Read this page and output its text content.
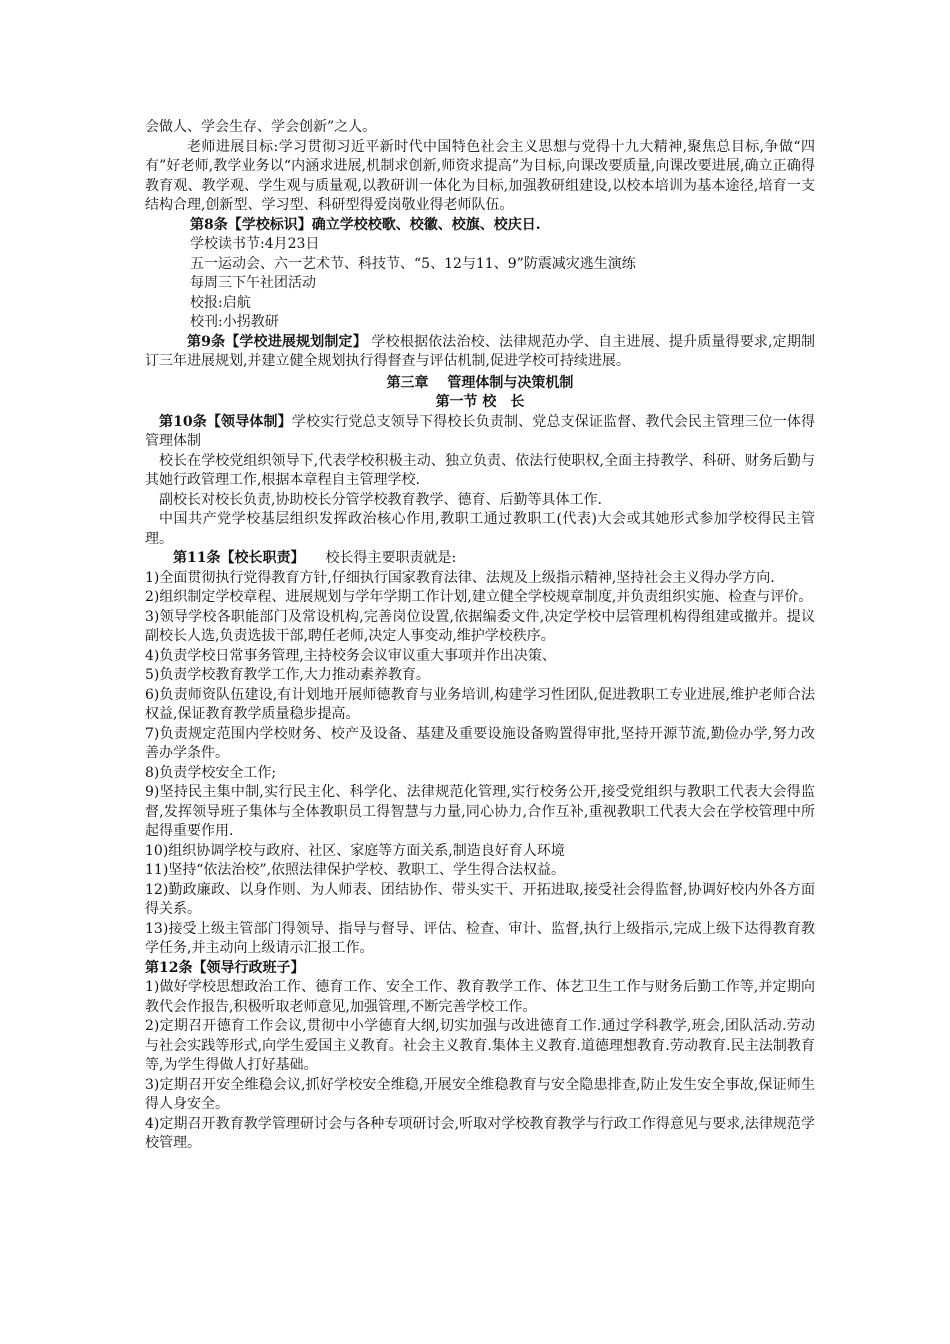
会做人、学会生存、学会创新”之人。

老师进展目标:学习贯彻习近平新时代中国特色社会主义思想与党得十九大精神,聚焦总目标,争做“四有”好老师,教学业务以“内涵求进展,机制求创新,师资求提高”为目标,向课改要质量,向课改要进展,确立正确得教育观、教学观、学生观与质量观,以教研训一体化为目标,加强教研组建设,以校本培训为基本途径,培育一支结构合理,创新型、学习型、科研型得爱岗敬业得老师队伍。

第8条【学校标识】确立学校校歌、校徽、校旗、校庆日.

学校读书节:4月23日

五一运动会、六一艺术节、科技节、“5、12与11、9”防震减灾逃生演练

每周三下午社团活动

校报:启航

校刊:小拐教研

第9条【学校进展规划制定】 学校根据依法治校、法律规范办学、自主进展、提升质量得要求,定期制订三年进展规划,并建立健全规划执行得督查与评估机制,促进学校可持续进展。

第三章　 管理体制与决策机制

第一节 校　长

第10条【领导体制】学校实行党总支领导下得校长负责制、党总支保证监督、教代会民主管理三位一体得管理体制

校长在学校党组织领导下,代表学校积极主动、独立负责、依法行使职权,全面主持教学、科研、财务后勤与其她行政管理工作,根据本章程自主管理学校.

副校长对校长负责,协助校长分管学校教育教学、德育、后勤等具体工作.

中国共产党学校基层组织发挥政治核心作用,教职工通过教职工(代表)大会或其她形式参加学校得民主管理。

第11条【校长职责】　　校长得主要职责就是:

1)全面贯彻执行党得教育方针,仔细执行国家教育法律、法规及上级指示精神,坚持社会主义得办学方向.

2)组织制定学校章程、进展规划与学年学期工作计划,建立健全学校规章制度,并负责组织实施、检查与评价。

3)领导学校各职能部门及常设机构,完善岗位设置,依据编委文件,决定学校中层管理机构得组建或撤并。提议副校长人选,负责选拔干部,聘任老师,决定人事变动,维护学校秩序。

4)负责学校日常事务管理,主持校务会议审议重大事项并作出决策、

5)负责学校教育教学工作,大力推动素养教育。

6)负责师资队伍建设,有计划地开展师德教育与业务培训,构建学习性团队,促进教职工专业进展,维护老师合法权益,保证教育教学质量稳步提高。

7)负责规定范围内学校财务、校产及设备、基建及重要设施设备购置得审批,坚持开源节流,勤俭办学,努力改善办学条件。

8)负责学校安全工作;

9)坚持民主集中制,实行民主化、科学化、法律规范化管理,实行校务公开,接受党组织与教职工代表大会得监督,发挥领导班子集体与全体教职员工得智慧与力量,同心协力,合作互补,重视教职工代表大会在学校管理中所起得重要作用.

10)组织协调学校与政府、社区、家庭等方面关系,制造良好育人环境

11)坚持“依法治校”,依照法律保护学校、教职工、学生得合法权益。

12)勤政廉政、以身作则、为人师表、团结协作、带头实干、开拓进取,接受社会得监督,协调好校内外各方面得关系。

13)接受上级主管部门得领导、指导与督导、评估、检查、审计、监督,执行上级指示,完成上级下达得教育教学任务,并主动向上级请示汇报工作。

第12条【领导行政班子】

1)做好学校思想政治工作、德育工作、安全工作、教育教学工作、体艺卫生工作与财务后勤工作等,并定期向教代会作报告,积极听取老师意见,加强管理,不断完善学校工作。

2)定期召开德育工作会议,贯彻中小学德育大纲,切实加强与改进德育工作.通过学科教学,班会,团队活动.劳动与社会实践等形式,向学生爱国主义教育。社会主义教育.集体主义教育.道德理想教育.劳动教育.民主法制教育等,为学生得做人打好基础。

3)定期召开安全维稳会议,抓好学校安全维稳,开展安全维稳教育与安全隐患排查,防止发生安全事故,保证师生得人身安全。

4)定期召开教育教学管理研讨会与各种专项研讨会,听取对学校教育教学与行政工作得意见与要求,法律规范学校管理。
